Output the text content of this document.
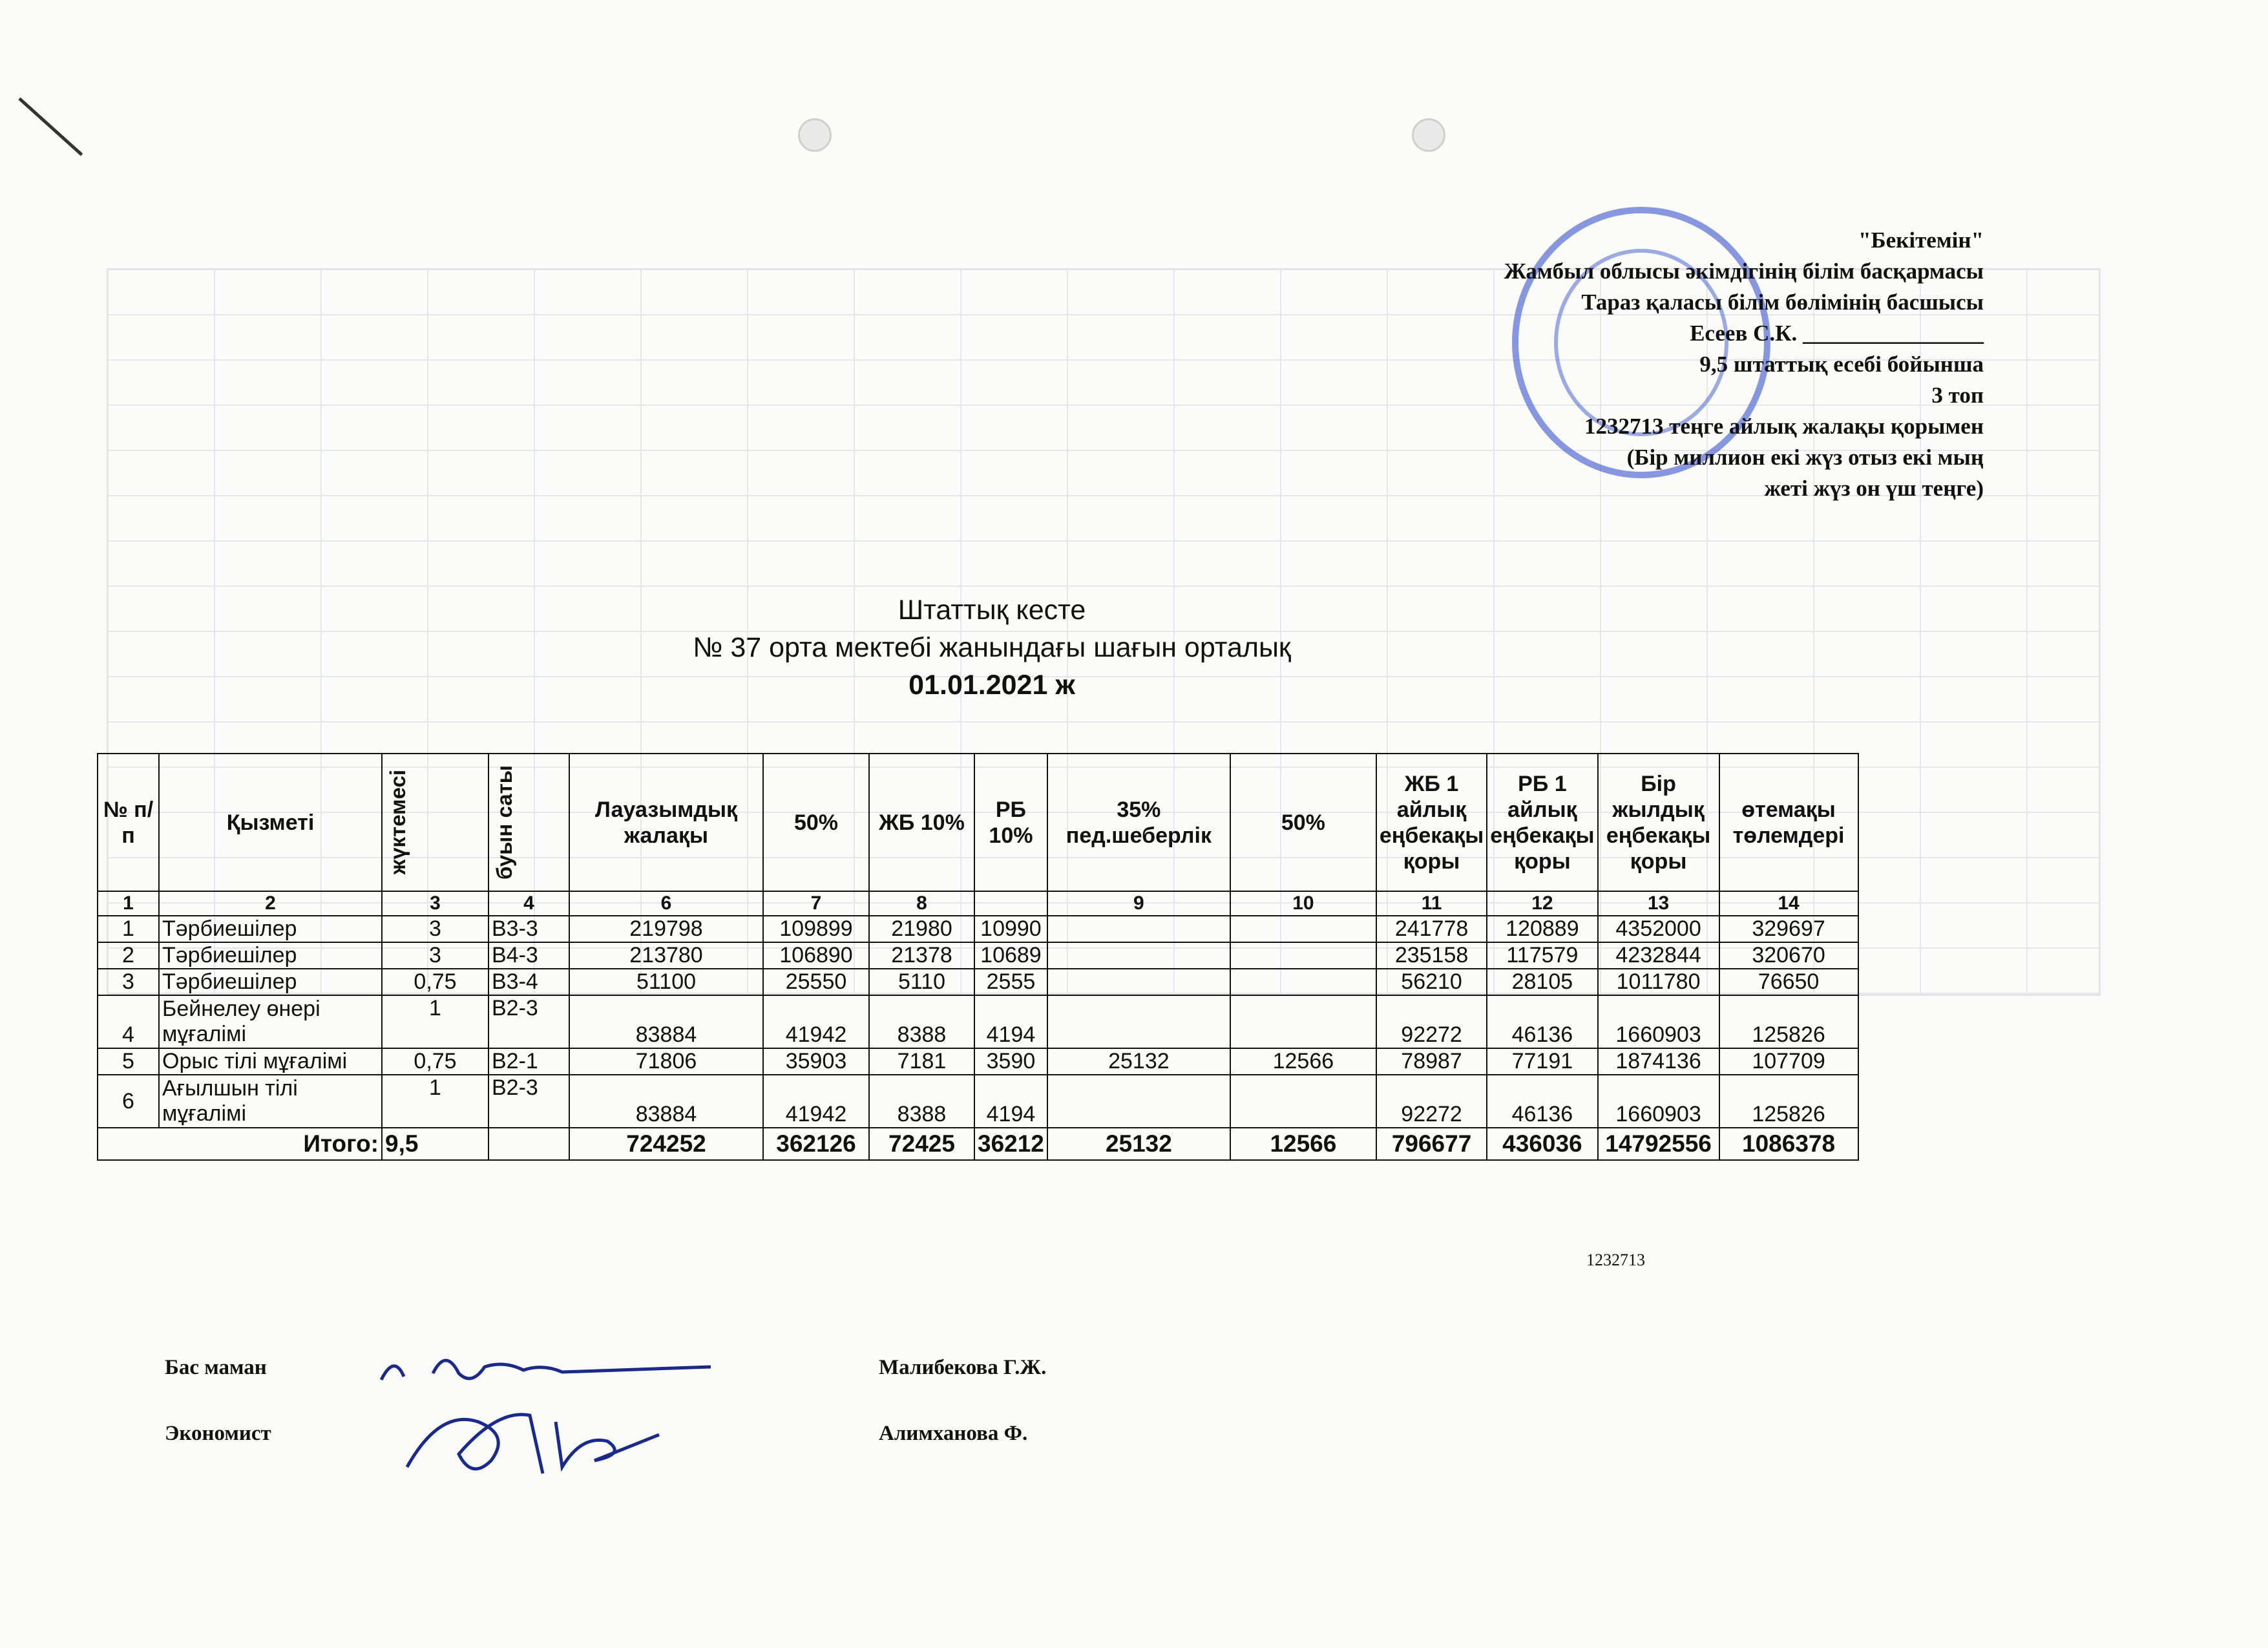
"Бекітемін"
Жамбыл облысы әкімдігінің білім басқармасы
Тараз қаласы білім бөлімінің басшысы
Есеев С.К. ________________
9,5 штаттық есебі бойынша
3 топ
1232713 теңге айлық жалақы қорымен
(Бір миллион екі жүз отыз екі мың
жеті жүз он үш теңге)
Штаттық кесте
№ 37 орта мектебі жанындағы шағын орталық
01.01.2021 ж
№ п/п	Қызметі	жүктемесі	буын саты	Лауазымдық жалақы	50%	ЖБ 10%	РБ 10%	35% пед.шеберлік	50%	ЖБ 1 айлық еңбекақы қоры	РБ 1 айлық еңбекақы қоры	Бір жылдық еңбекақы қоры	өтемақы төлемдері
1	2	3	4	6	7	8		9	10	11	12	13	14
1	Тәрбиешілер	3	В3-3	219798	109899	21980	10990			241778	120889	4352000	329697
2	Тәрбиешілер	3	В4-3	213780	106890	21378	10689			235158	117579	4232844	320670
3	Тәрбиешілер	0,75	В3-4	51100	25550	5110	2555			56210	28105	1011780	76650
4	Бейнелеу өнері мұғалімі	1	В2-3	83884	41942	8388	4194			92272	46136	1660903	125826
5	Орыс тілі мұғалімі	0,75	В2-1	71806	35903	7181	3590	25132	12566	78987	77191	1874136	107709
6	Ағылшын тілі мұғалімі	1	В2-3	83884	41942	8388	4194			92272	46136	1660903	125826
Итого:		9,5		724252	362126	72425	36212	25132	12566	796677	436036	14792556	1086378
1232713
Бас маман	Малибекова Г.Ж.
Экономист	Алимханова Ф.
